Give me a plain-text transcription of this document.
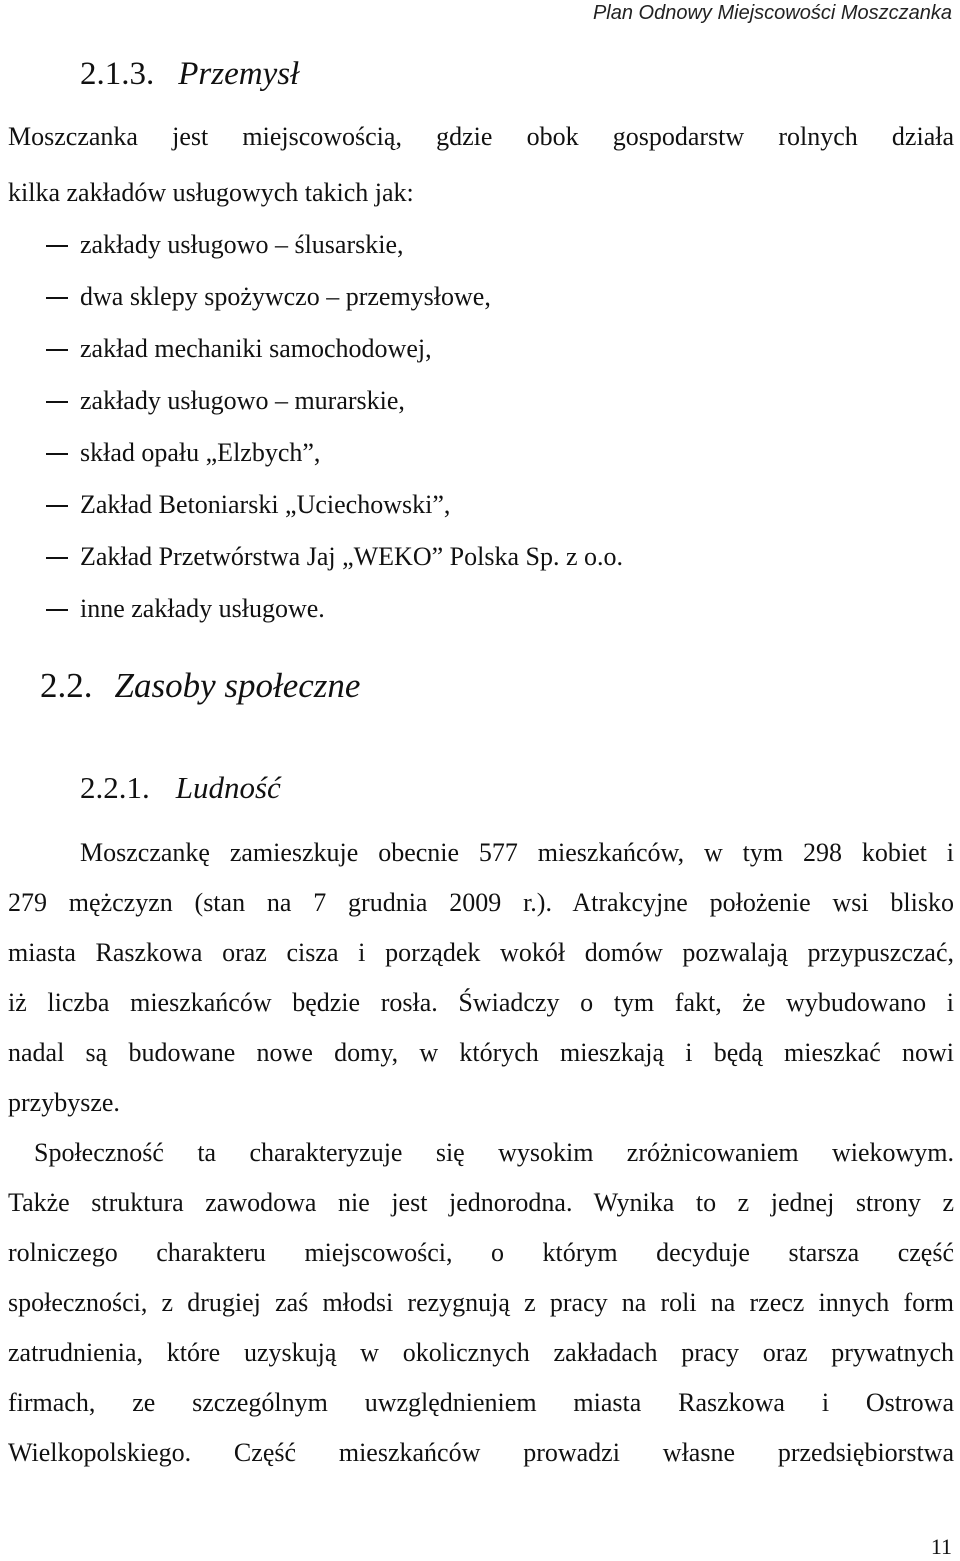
Plan Odnowy Miejscowości Moszczanka
2.1.3. Przemysł
Moszczanka jest miejscowością, gdzie obok gospodarstw rolnych działa
kilka zakładów usługowych takich jak:
zakłady usługowo – ślusarskie,
dwa sklepy spożywczo – przemysłowe,
zakład mechaniki samochodowej,
zakłady usługowo – murarskie,
skład opału „Elzbych”,
Zakład Betoniarski „Uciechowski”,
Zakład Przetwórstwa Jaj „WEKO” Polska Sp. z o.o.
inne zakłady usługowe.
2.2. Zasoby społeczne
2.2.1. Ludność
Moszczankę zamieszkuje obecnie 577 mieszkańców, w tym 298 kobiet i
279 mężczyzn (stan na 7 grudnia 2009 r.). Atrakcyjne położenie wsi blisko
miasta Raszkowa oraz cisza i porządek wokół domów pozwalają przypuszczać,
iż liczba mieszkańców będzie rosła. Świadczy o tym fakt, że wybudowano i
nadal są budowane nowe domy, w których mieszkają i będą mieszkać nowi
przybysze.
Społeczność ta charakteryzuje się wysokim zróżnicowaniem wiekowym.
Także struktura zawodowa nie jest jednorodna. Wynika to z jednej strony z
rolniczego charakteru miejscowości, o którym decyduje starsza część
społeczności, z drugiej zaś młodsi rezygnują z pracy na roli na rzecz innych form
zatrudnienia, które uzyskują w okolicznych zakładach pracy oraz prywatnych
firmach, ze szczególnym uwzględnieniem miasta Raszkowa i Ostrowa
Wielkopolskiego. Część mieszkańców prowadzi własne przedsiębiorstwa
11
